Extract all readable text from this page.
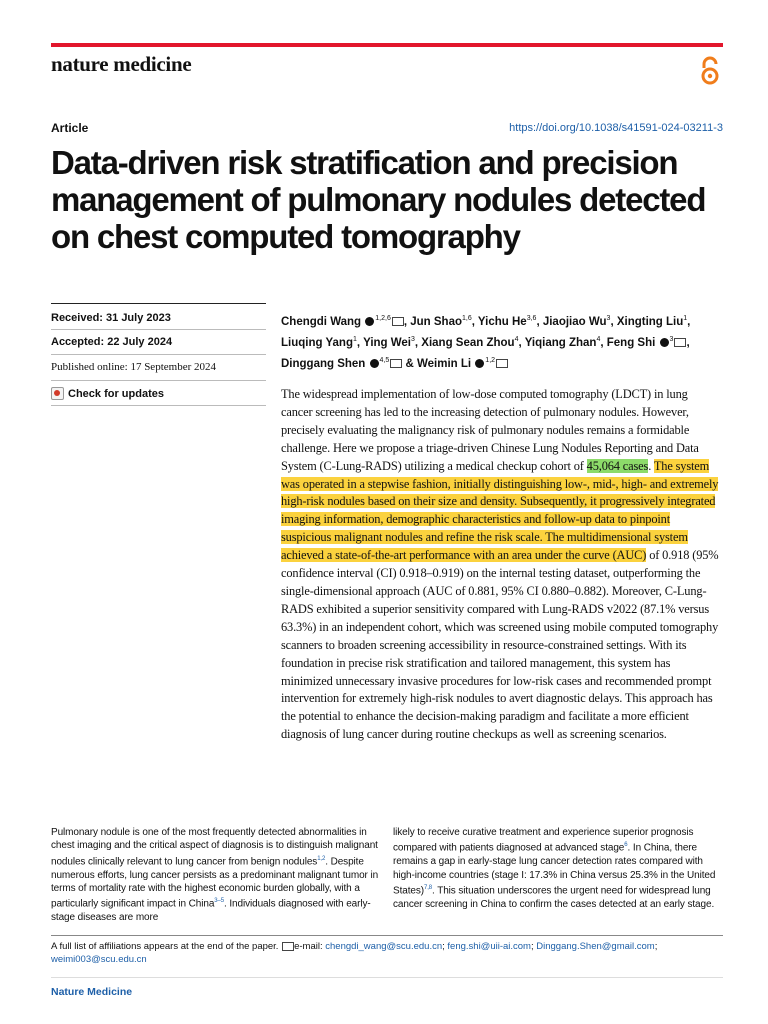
nature medicine
Article	https://doi.org/10.1038/s41591-024-03211-3
Data-driven risk stratification and precision management of pulmonary nodules detected on chest computed tomography
Received: 31 July 2023
Accepted: 22 July 2024
Published online: 17 September 2024
Check for updates
Chengdi Wang $^{1,2,6}$ , Jun Shao$^{1,6}$, Yichu He$^{3,6}$, Jiaojiao Wu$^3$, Xingting Liu$^1$, Liuqing Yang$^1$, Ying Wei$^3$, Xiang Sean Zhou$^4$, Yiqiang Zhan$^4$, Feng Shi $^3$ , Dinggang Shen $^{4,5}$ & Weimin Li $^{1,2}$

The widespread implementation of low-dose computed tomography (LDCT) in lung cancer screening has led to the increasing detection of pulmonary nodules. However, precisely evaluating the malignancy risk of pulmonary nodules remains a formidable challenge. Here we propose a triage-driven Chinese Lung Nodules Reporting and Data System (C-Lung-RADS) utilizing a medical checkup cohort of 45,064 cases. The system was operated in a stepwise fashion, initially distinguishing low-, mid-, high- and extremely high-risk nodules based on their size and density. Subsequently, it progressively integrated imaging information, demographic characteristics and follow-up data to pinpoint suspicious malignant nodules and refine the risk scale. The multidimensional system achieved a state-of-the-art performance with an area under the curve (AUC) of 0.918 (95% confidence interval (CI) 0.918–0.919) on the internal testing dataset, outperforming the single-dimensional approach (AUC of 0.881, 95% CI 0.880–0.882). Moreover, C-Lung-RADS exhibited a superior sensitivity compared with Lung-RADS v2022 (87.1% versus 63.3%) in an independent cohort, which was screened using mobile computed tomography scanners to broaden screening accessibility in resource-constrained settings. With its foundation in precise risk stratification and tailored management, this system has minimized unnecessary invasive procedures for low-risk cases and recommended prompt intervention for extremely high-risk nodules to avert diagnostic delays. This approach has the potential to enhance the decision-making paradigm and facilitate a more efficient diagnosis of lung cancer during routine checkups as well as screening scenarios.

Pulmonary nodule is one of the most frequently detected abnormalities in chest imaging and the critical aspect of diagnosis is to distinguish malignant nodules clinically relevant to lung cancer from benign nodules$^{1,2}$. Despite numerous efforts, lung cancer persists as a predominant malignant tumor in terms of mortality rate with the highest economic burden globally, with a particularly significant impact in China$^{3-5}$. Individuals diagnosed with early-stage diseases are more

likely to receive curative treatment and experience superior prognosis compared with patients diagnosed at advanced stage$^6$. In China, there remains a gap in early-stage lung cancer detection rates compared with high-income countries (stage I: 17.3% in China versus 25.3% in the United States)$^{7,8}$. This situation underscores the urgent need for widespread lung cancer screening in China to confirm the cases detected at an early stage.

A full list of affiliations appears at the end of the paper. e-mail: chengdi_wang@scu.edu.cn; feng.shi@uii-ai.com; Dinggang.Shen@gmail.com;
weimi003@scu.edu.cn
Nature Medicine
